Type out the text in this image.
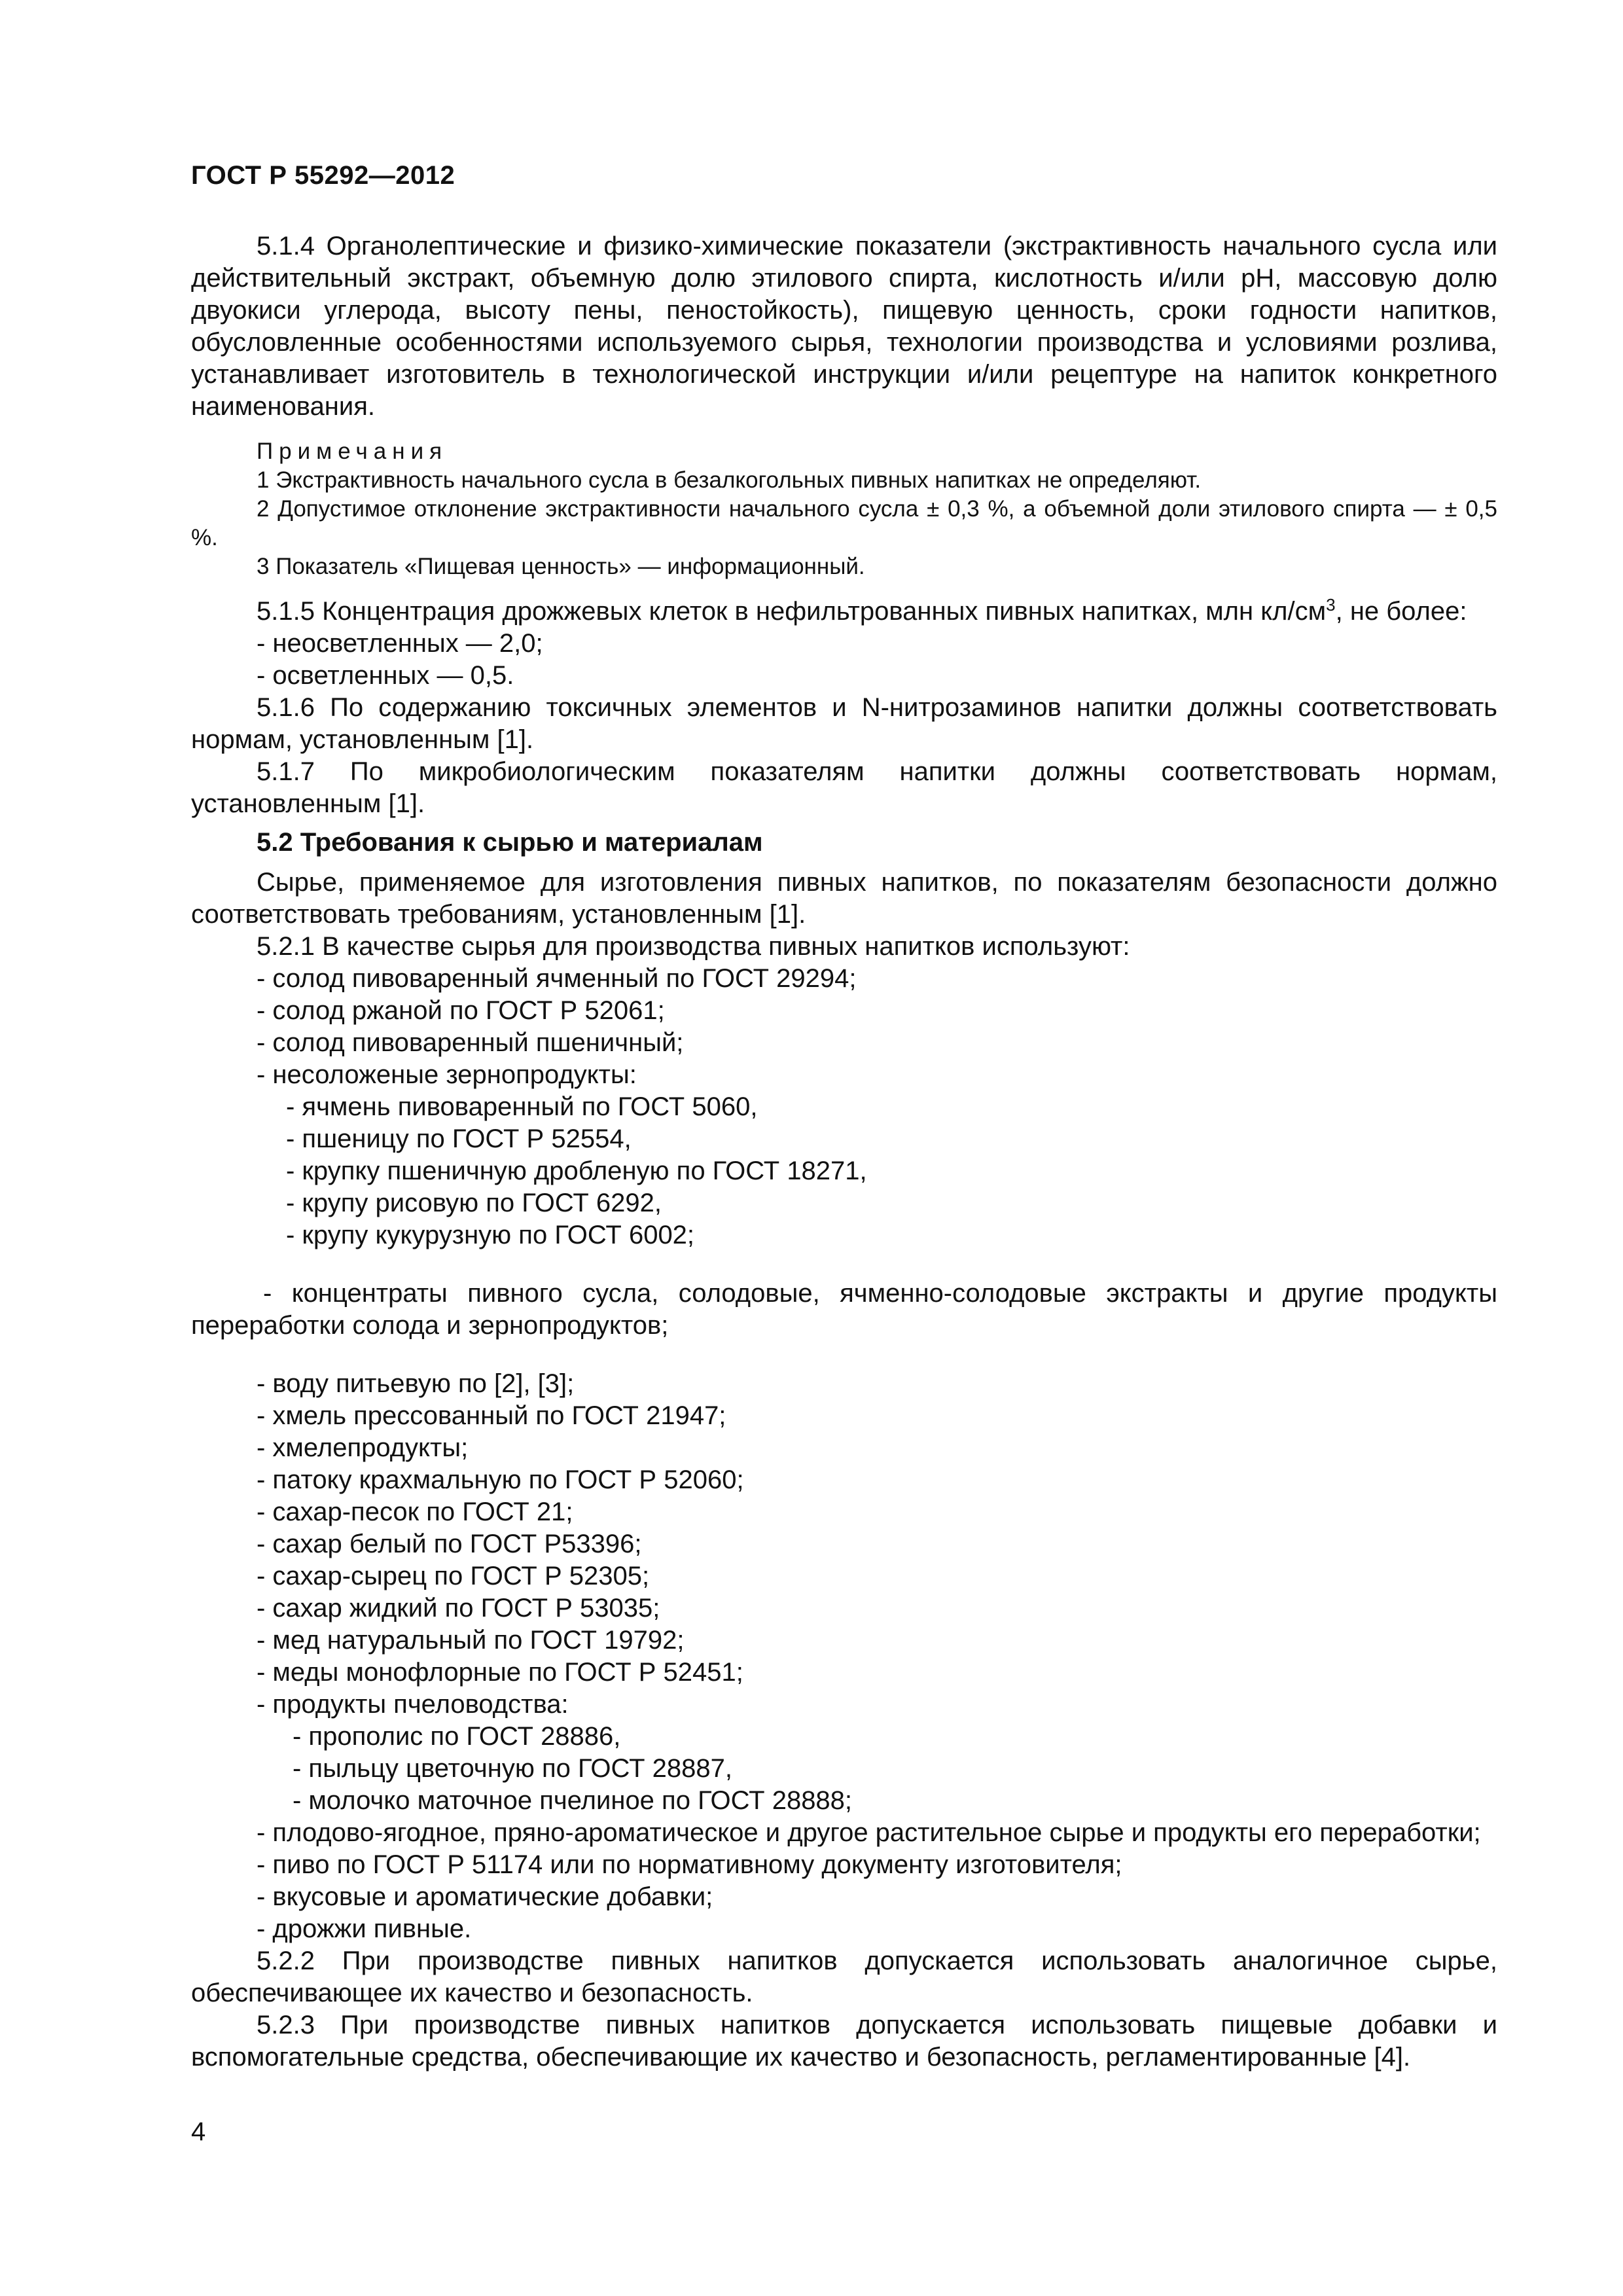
ГОСТ Р 55292—2012

5.1.4 Органолептические и физико-химические показатели (экстрактивность начального сусла или действительный экстракт, объемную долю этилового спирта, кислотность и/или pH, массовую долю двуокиси углерода, высоту пены, пеностойкость), пищевую ценность, сроки годности напитков, обусловленные особенностями используемого сырья, технологии производства и условиями розлива, устанавливает изготовитель в технологической инструкции и/или рецептуре на напиток конкретного наименования.

Примечания
1 Экстрактивность начального сусла в безалкогольных пивных напитках не определяют.

2 Допустимое отклонение экстрактивности начального сусла ± 0,3 %, а объемной доли этилового спирта — ± 0,5 %.

3 Показатель «Пищевая ценность» — информационный.

5.1.5 Концентрация дрожжевых клеток в нефильтрованных пивных напитках, млн $кл/см^3$, не более:

- неосветленных — 2,0;
- осветленных — 0,5.

5.1.6 По содержанию токсичных элементов и N-нитрозаминов напитки должны соответствовать нормам, установленным [1].

5.1.7 По микробиологическим показателям напитки должны соответствовать нормам, установленным [1].

5.2 Требования к сырью и материалам

Сырье, применяемое для изготовления пивных напитков, по показателям безопасности должно соответствовать требованиям, установленным [1].

5.2.1 В качестве сырья для производства пивных напитков используют:

- солод пивоваренный ячменный по ГОСТ 29294;
- солод ржаной по ГОСТ Р 52061;
- солод пивоваренный пшеничный;
- несоложеные зернопродукты:
- ячмень пивоваренный по ГОСТ 5060,
- пшеницу по ГОСТ Р 52554,
- крупку пшеничную дробленую по ГОСТ 18271,
- крупу рисовую по ГОСТ 6292,
- крупу кукурузную по ГОСТ 6002;

- концентраты пивного сусла, солодовые, ячменно-солодовые экстракты и другие продукты переработки солода и зернопродуктов;

- воду питьевую по [2], [3];
- хмель прессованный по ГОСТ 21947;
- хмелепродукты;
- патоку крахмальную по ГОСТ Р 52060;
- сахар-песок по ГОСТ 21;
- сахар белый по ГОСТ Р53396;
- сахар-сырец по ГОСТ Р 52305;
- сахар жидкий по ГОСТ Р 53035;
- мед натуральный по ГОСТ 19792;
- меды монофлорные по ГОСТ Р 52451;
- продукты пчеловодства:
- прополис по ГОСТ 28886,
- пыльцу цветочную по ГОСТ 28887,
- молочко маточное пчелиное по ГОСТ 28888;

- плодово-ягодное, пряно-ароматическое и другое растительное сырье и продукты его переработки;

- пиво по ГОСТ Р 51174 или по нормативному документу изготовителя;
- вкусовые и ароматические добавки;
- дрожжи пивные.

5.2.2 При производстве пивных напитков допускается использовать аналогичное сырье, обеспечивающее их качество и безопасность.

5.2.3 При производстве пивных напитков допускается использовать пищевые добавки и вспомогательные средства, обеспечивающие их качество и безопасность, регламентированные [4].

4
